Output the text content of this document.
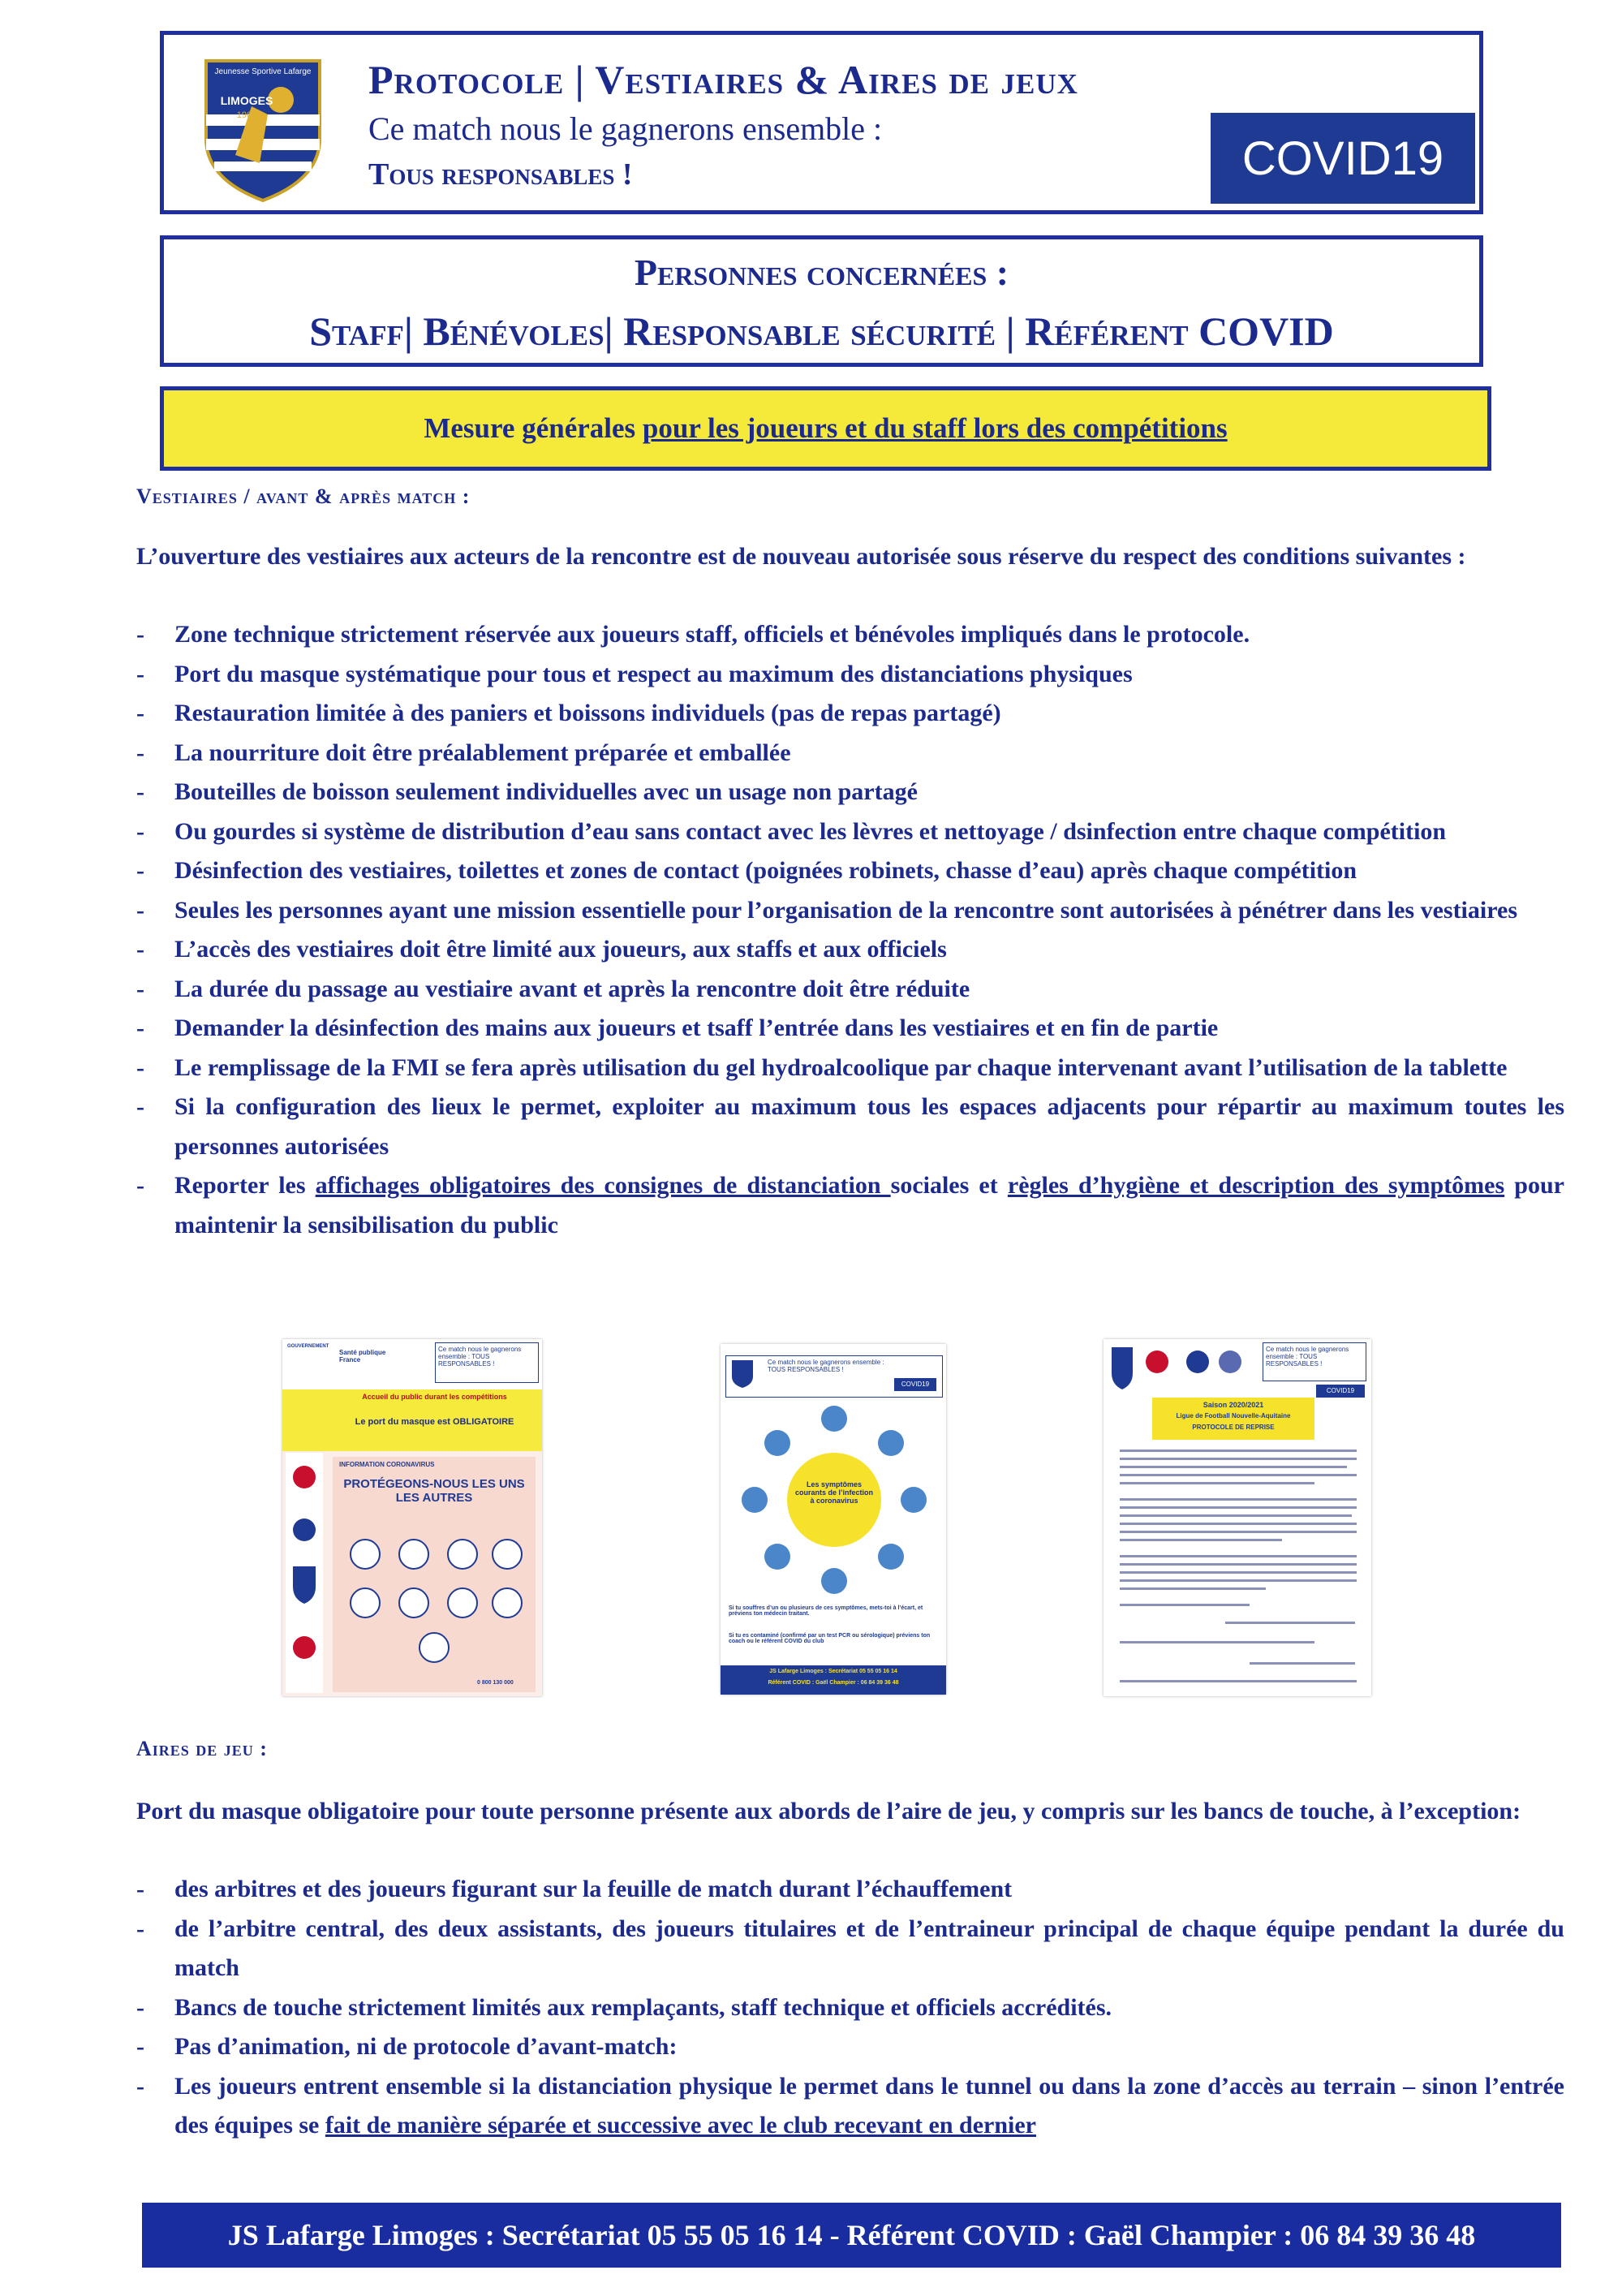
Jeunesse Sportive Lafarge
LIMOGES
1963
Protocole | Vestiaires & Aires de jeux
Ce match nous le gagnerons ensemble :
Tous responsables !	COVID19
Personnes concernées :
Staff| Bénévoles| Responsable sécurité | Référent COVID
Mesure générales pour les joueurs et du staff lors des compétitions
Vestiaires / avant & après match :
L’ouverture des vestiaires aux acteurs de la rencontre est de nouveau autorisée sous réserve du respect des conditions suivantes :
- Zone technique strictement réservée aux joueurs staff, officiels et bénévoles impliqués dans le protocole.
- Port du masque systématique pour tous et respect au maximum des distanciations physiques
- Restauration limitée à des paniers et boissons individuels (pas de repas partagé)
- La nourriture doit être préalablement préparée et emballée
- Bouteilles de boisson seulement individuelles avec un usage non partagé
- Ou gourdes si système de distribution d’eau sans contact avec les lèvres et nettoyage / dsinfection entre chaque compétition
- Désinfection des vestiaires, toilettes et zones de contact (poignées robinets, chasse d’eau) après chaque compétition
- Seules les personnes ayant une mission essentielle pour l’organisation de la rencontre sont autorisées à pénétrer dans les vestiaires
- L’accès des vestiaires doit être limité aux joueurs, aux staffs et aux officiels
- La durée du passage au vestiaire avant et après la rencontre doit être réduite
- Demander la désinfection des mains aux joueurs et tsaff l’entrée dans les vestiaires et en fin de partie
- Le remplissage de la FMI se fera après utilisation du gel hydroalcoolique par chaque intervenant avant l’utilisation de la tablette
- Si la configuration des lieux le permet, exploiter au maximum tous les espaces adjacents pour répartir au maximum toutes les personnes autorisées
- Reporter les affichages obligatoires des consignes de distanciation sociales et règles d’hygiène et description des symptômes pour maintenir la sensibilisation du public
GOUVERNEMENT
Santé publique France
Ce match nous le gagnerons ensemble : TOUS RESPONSABLES !
Accueil du public durant les compétitions
Le port du masque est OBLIGATOIRE
INFORMATION CORONAVIRUS
PROTÉGEONS-NOUS LES UNS LES AUTRES
0 800 130 000
Ce match nous le gagnerons ensemble : TOUS RESPONSABLES !
COVID19
Les symptômes courants de l’infection à coronavirus
Si tu souffres d’un ou plusieurs de ces symptômes, mets-toi à l’écart, et préviens ton médecin traitant.
Si tu es contaminé (confirmé par un test PCR ou sérologique) préviens ton coach ou le référent COVID du club
JS Lafarge Limoges : Secrétariat 05 55 05 16 14
Référent COVID : Gaël Champier : 06 84 39 36 48
Ce match nous le gagnerons ensemble : TOUS RESPONSABLES !
COVID19
Saison 2020/2021
Ligue de Football Nouvelle-Aquitaine
PROTOCOLE DE REPRISE
Aires de jeu :
Port du masque obligatoire pour toute personne présente aux abords de l’aire de jeu, y compris sur les bancs de touche, à l’exception:
- des arbitres et des joueurs figurant sur la feuille de match durant l’échauffement
- de l’arbitre central, des deux assistants, des joueurs titulaires et de l’entraineur principal de chaque équipe pendant la durée du match
- Bancs de touche strictement limités aux remplaçants, staff technique et officiels accrédités.
- Pas d’animation, ni de protocole d’avant-match:
- Les joueurs entrent ensemble si la distanciation physique le permet dans le tunnel ou dans la zone d’accès au terrain – sinon l’entrée des équipes se fait de manière séparée et successive avec le club recevant en dernier
JS Lafarge Limoges : Secrétariat 05 55 05 16 14 - Référent COVID : Gaël Champier : 06 84 39 36 48
